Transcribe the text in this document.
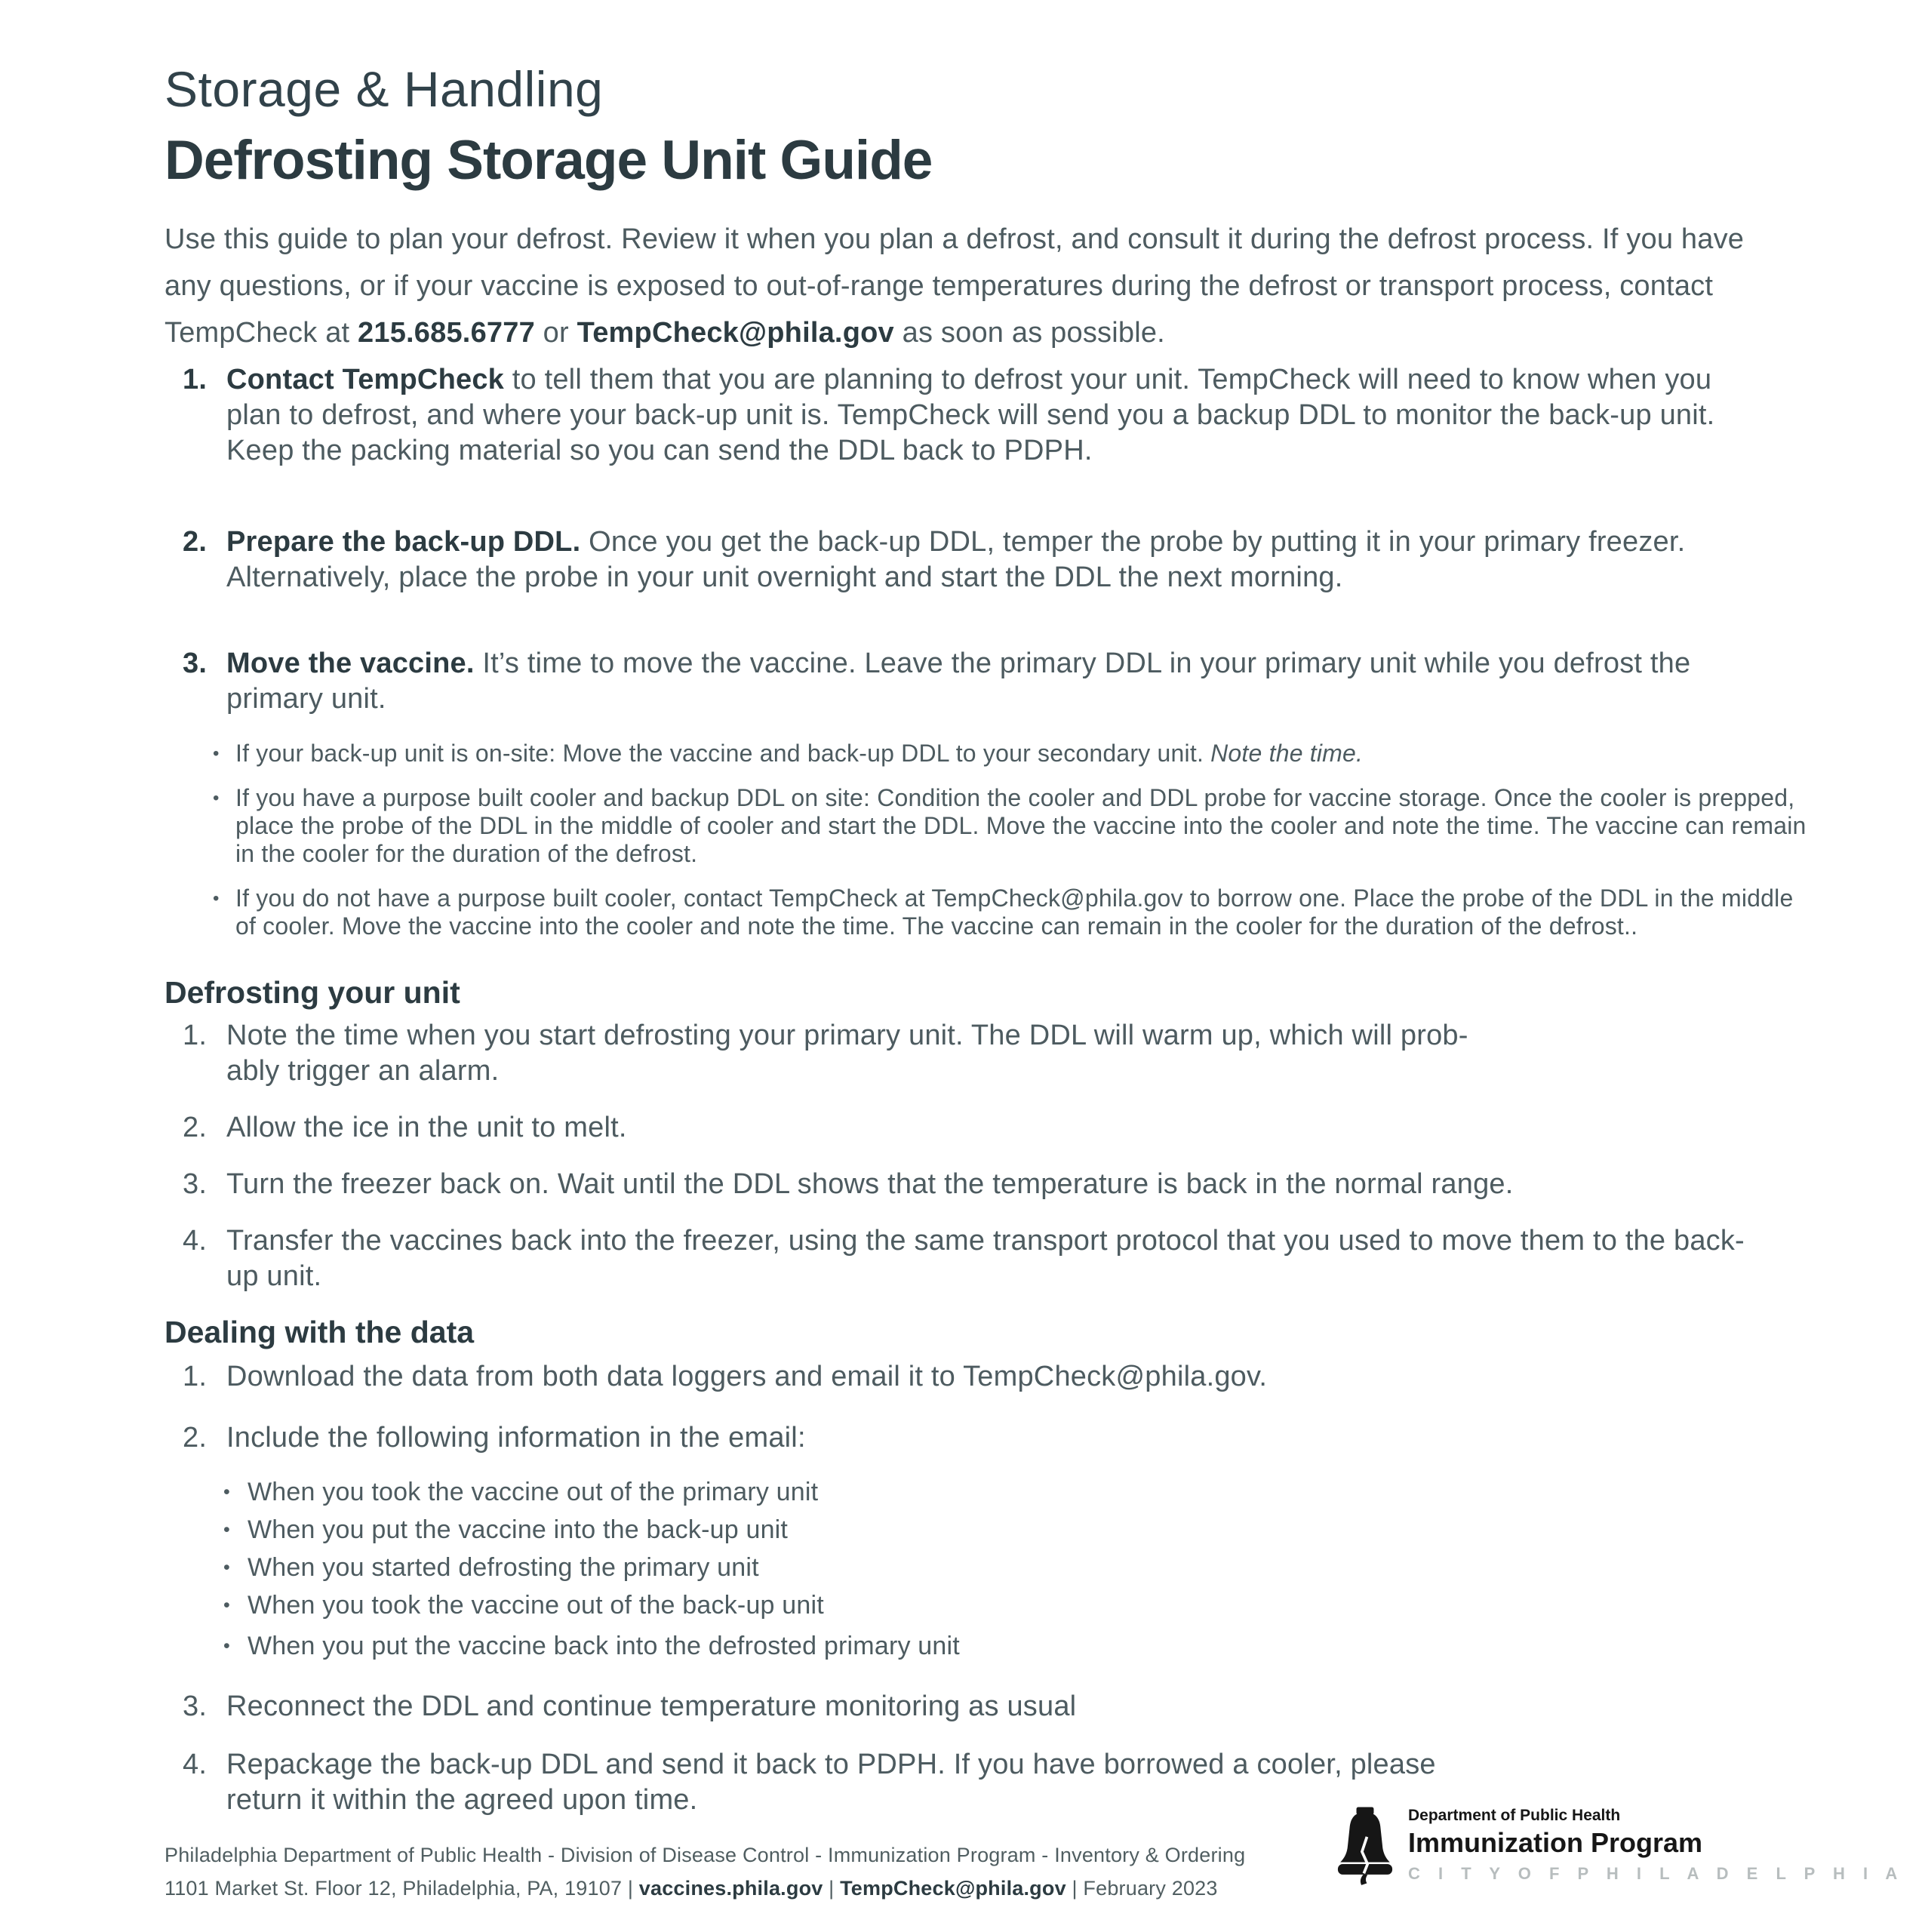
Storage & Handling
Defrosting Storage Unit Guide

Use this guide to plan your defrost. Review it when you plan a defrost, and consult it during the defrost process. If you have any questions, or if your vaccine is exposed to out-of-range temperatures during the defrost or transport process, contact TempCheck at 215.685.6777 or TempCheck@phila.gov as soon as possible.

1. Contact TempCheck to tell them that you are planning to defrost your unit. TempCheck will need to know when you plan to defrost, and where your back-up unit is. TempCheck will send you a backup DDL to monitor the back-up unit. Keep the packing material so you can send the DDL back to PDPH.

2. Prepare the back-up DDL. Once you get the back-up DDL, temper the probe by putting it in your primary freezer. Alternatively, place the probe in your unit overnight and start the DDL the next morning.

3. Move the vaccine. It’s time to move the vaccine. Leave the primary DDL in your primary unit while you defrost the primary unit.

• If your back-up unit is on-site: Move the vaccine and back-up DDL to your secondary unit. Note the time.

• If you have a purpose built cooler and backup DDL on site: Condition the cooler and DDL probe for vaccine storage. Once the cooler is prepped, place the probe of the DDL in the middle of cooler and start the DDL. Move the vaccine into the cooler and note the time. The vaccine can remain in the cooler for the duration of the defrost.

• If you do not have a purpose built cooler, contact TempCheck at TempCheck@phila.gov to borrow one. Place the probe of the DDL in the middle of cooler. Move the vaccine into the cooler and note the time. The vaccine can remain in the cooler for the duration of the defrost..

Defrosting your unit
1. Note the time when you start defrosting your primary unit. The DDL will warm up, which will prob-
ably trigger an alarm.

2. Allow the ice in the unit to melt.

3. Turn the freezer back on. Wait until the DDL shows that the temperature is back in the normal range.

4. Transfer the vaccines back into the freezer, using the same transport protocol that you used to move them to the back-up unit.

Dealing with the data
1. Download the data from both data loggers and email it to TempCheck@phila.gov.

2. Include the following information in the email:

• When you took the vaccine out of the primary unit

• When you put the vaccine into the back-up unit

• When you started defrosting the primary unit

• When you took the vaccine out of the back-up unit

• When you put the vaccine back into the defrosted primary unit

3. Reconnect the DDL and continue temperature monitoring as usual

4. Repackage the back-up DDL and send it back to PDPH. If you have borrowed a cooler, please
return it within the agreed upon time.

Philadelphia Department of Public Health - Division of Disease Control - Immunization Program - Inventory & Ordering

1101 Market St. Floor 12, Philadelphia, PA, 19107 | vaccines.phila.gov | TempCheck@phila.gov | February 2023

Department of Public Health
Immunization Program
C I T Y O F P H I L A D E L P H I A
